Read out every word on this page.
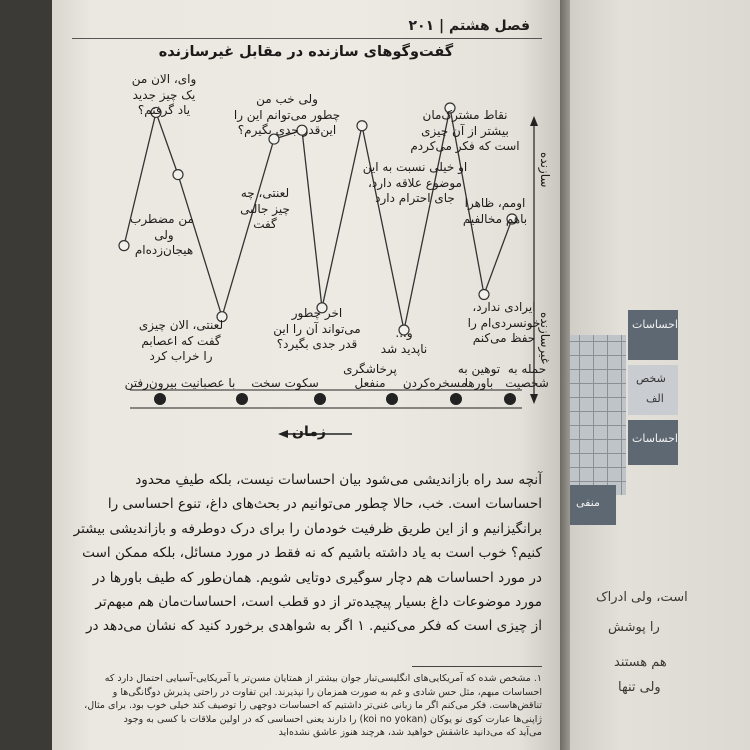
احساسات
شخص
الف
احساسات
منفی
هم هستند
ولی تنها
را پوشش
است، ولی ادراک
فصل هشتم | ۲۰۱
گفت‌وگوهای سازنده در مقابل غیرسازنده
سازنده
غیرسازنده
زمان
وای، الان من
یک چیز جدید
یاد گرفتم؟
من مضطرب
ولی
هیجان‌زده‌ام
ولی خب من
چطور می‌توانم این را
این‌قدر جدی بگیرم؟
لعنتی، چه
چیز جالبی
گفت
او خیلی نسبت به این
موضوع علاقه دارد،
جای احترام دارد
نقاط مشترک‌مان
بیشتر از آن چیزی
است که فکر می‌کردم
اومم، ظاهرا
باهم مخالفیم
لعنتی، الان چیزی
گفت که اعصابم
را خراب کرد
اخر چطور
می‌تواند آن را این
قدر جدی بگیرد؟
و...
ناپدید شد
ایرادی ندارد،
خونسردی‌ام را
حفظ می‌کنم
با عصبانیت بیرون‌رفتن	سکوت سخت
پرخاشگری
منفعل	مسخره‌کردن
توهین به
باورها
حمله به
شخصیت

آنچه سد راه بازاندیشی می‌شود بیان احساسات نیست، بلکه طیفِ محدود

احساسات است. خب، حالا چطور می‌توانیم در بحث‌های داغ، تنوع احساسی را

برانگیزانیم و از این طریق ظرفیت خودمان را برای درک دوطرفه و بازاندیشی بیشتر

کنیم؟ خوب است به یاد داشته باشیم که نه فقط در مورد مسائل، بلکه ممکن است

در مورد احساسات هم دچار سوگیری دوتایی شویم. همان‌طور که طیف باورها در

مورد موضوعات داغ بسیار پیچیده‌تر از دو قطب است، احساسات‌مان هم مبهم‌تر

از چیزی است که فکر می‌کنیم. ۱ اگر به شواهدی برخورد کنید که نشان می‌دهد در

۱. مشخص شده که آمریکایی‌های انگلیسی‌تبار جوان بیشتر از همتایان مسن‌تر یا آمریکایی-آسیایی احتمال دارد که

احساسات مبهم، مثل حس شادی و غم به صورت همزمان را نپذیرند. این تفاوت در راحتی پذیرش دوگانگی‌ها و

تناقض‌هاست. فکر می‌کنم اگر ما زبانی غنی‌تر داشتیم که احساسات دوجهی را توصیف کند خیلی خوب بود. برای مثال،

ژاپنی‌ها عبارت کوی نو یوکان (koi no yokan) را دارند یعنی احساسی که در اولین ملاقات با کسی به وجود

می‌آید که می‌دانید عاشقش خواهید شد، هرچند هنوز عاشق نشده‌اید
